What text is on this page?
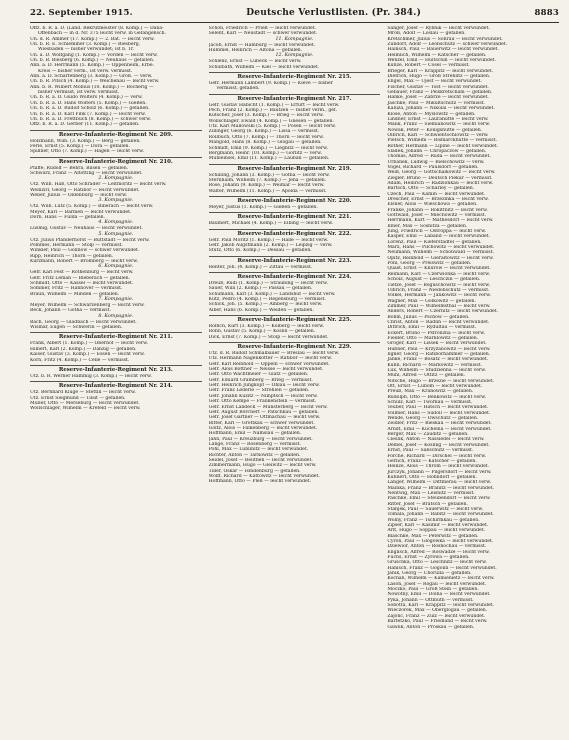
22. September 1915.	Deutsche Verlustlisten. (Pr. 384.)	8883
Offz. b. R. a. D. (Land. Rekrutmeister (8. Komp.) — Dana-
Offenbach — in d. Nr. 375 leicht verw. in Gefangensch.
Un. d. R. Ammer (17. Komp.) — 2. Bat. — leicht verw.
Un. b. R. E. Schlemmer (3. Komp.) — Biesberg,
Wiesbaden — bisher verwundet; ist b. Tr.
Un. a. D. Wolfgang (1. Komp.) — Vörden — leicht verw.
Un. b. B. Biesberg (6. Komp.) — Neuhaus — gefallen.
Ann. a. D. Herrmann (5. Komp.) — Oppenheim, Erbe.
Kreis — bisher verm., ist verw. vermisst.
Ann. a. D. Scharfenberg (3. Komp.) — Groß. — verw.
Un. b. R. Pitsch (4. Komp.) — Weichenau — leicht verw.
Ann. b. R. Wilbert Möbius (10. Komp.) — Böcherig —
bisher vermisst, ist verw. vermisst.
Un. b. R. a. D. Guido Wolters (4. Komp.) — verw.
Un. b. R. a. D. Hans Wolters (5. Komp.) — Gießen.
Un. b. R. a. D. Rudolf Scholz (6. Komp.) — gefallen.
Un. b. R. a. D. Karl Fink (7. Komp.) — leicht verw.
Un. b. R. a. D. Frettbuch (8. Komp.) — schwer verw.
Offz. b. R. a. D. Gerber (11. Komp.) — gefallen.
Reserve-Infanterie-Regiment Nr. 209.
Holzmann, Wilh. (3. Komp.) — Berg — gefallen.
Ferle, Ernst (5. Komp.) — Dora — gefallen.
Spillner, Otto (7. Komp.) — Hagen — leicht verw.
Reserve-Infanterie-Regiment Nr. 210.
Pfaffe, Rudolf — Bebra, Bilsen — gefallen.
Schwarz, Franz — Altötting — leicht verwundet.
2. Kompagnie.
Utz. Wilh. Haß, Otto Schrader — Leitmoritz — leicht verw.
Weinzirl, Georg — Ratibor — leicht verwundet.
Weber, Julius — Oldenburg — leicht verw.
3. Kompagnie.
Utz. Wilh. Lutz (5. Komp.) — Biberach — leicht verw.
Meyer, Karl — Barmen — leicht verwundet.
Dorn, Hans — Fulda — gefallen.
4. Kompagnie.
Lusmig, Gustav — Neuhaus — leicht verwundet.
5. Kompagnie.
Utz. Julius Pfänderhorst — Buttstadt — leicht verw.
Pommes, Hermann — Stolp — vermisst.
Winkler, Paul — Gollnow — schwer verwundet.
Ripp, Heinrich — Thorn — gefallen.
Kurzmann, Robert — Bromberg — leicht verw.
6. Kompagnie.
Gefr. Karl Fest — Rothenburg — leicht verw.
Gefr. Fritz Leman — Bieberach — gefallen.
Schmidt, Otto — Kassel — leicht verwundet.
Sommer, Fritz — Hannover — vermisst.
Braun, Wilhelm — Minden — gefallen.
7. Kompagnie.
Meyer, Wilhelm — Schwarzenberg — leicht verw.
Beck, Johann — Gotha — vermisst.
8. Kompagnie.
Bach, Georg — Gladbach — leicht verwundet.
Wismar, Eugen — Schwerin — gefallen.
Reserve-Infanterie-Regiment Nr. 211.
Frank, Albert (1. Komp.) — Oberhof — leicht verw.
Hilbert, Karl (2. Komp.) — Danzig — gefallen.
Kaiser, Gustav (3. Komp.) — Essen — leicht verw.
Korn, Fritz (4. Komp.) — Celle — vermisst.
Reserve-Infanterie-Regiment Nr. 213.
Utz. b. R. Werner Hammig (3. Komp.) — leicht verw.
Reserve-Infanterie-Regiment Nr. 214.
Utz. Bernhard Kluge — Stettin — leicht verw.
Utz. Ernst Siegmund — Tilsit — gefallen.
Müller, Otto — Merseburg — leicht verwundet.
Wollschläger, Wilhelm — Krefeld — leicht verw.
Schön, Friedrich — Prieß — leicht verwundet.
Selent, Karl — Neustadt — schwer verwundet.
11. Kompagnie.
Jacob, Ernst — Hamburg — leicht verwundet.
Hummel, Heinrich — Altona — gefallen.
12. Kompagnie.
Schlenz, Ernst — Lübeck — leicht verw.
Schulbath, Wilhelm — Kiel — leicht verwundet.
Reserve-Infanterie-Regiment Nr. 215.
Gefr. Hermann Lambert (9. Komp.) — Kleve — bisher
vermisst, gefallen.
Reserve-Infanterie-Regiment Nr. 217.
Gefr. Gustav Habicht (1. Komp.) — Erfurt — leicht verw.
Pech, Franz (2. Komp.) — Bautzen — bisher verm., gef.
Kutscher, Josef (3. Komp.) — Brieg — leicht verw.
Wollschläger, Ewald (4. Komp.) — Gnesen — gefallen.
Utz. Karl Mallowski (5. Komp.) — Posen — leicht verw.
Zillinger, Georg (6. Komp.) — Lissa — vermisst.
Rollbuch, Otto (7. Komp.) — Thorn — leicht verw.
Mangold, Hans (8. Komp.) — Glogau — gefallen.
Schmidt, Emil (9. Komp.) — Liegnitz — leicht verw.
Bergmann, Heinr. (10. Komp.) — Görlitz — verw.
Mühleinsel, Emil (11. Komp.) — Lauban — gefallen.
Reserve-Infanterie-Regiment Nr. 219.
Schilling, Johann (3. Komp.) — Gotha — leicht verw.
Sternhalm, Wilhelm (7. Komp.) — Jena — gefallen.
Rose, Johann (9. Komp.) — Weimar — leicht verw.
Walter, Wilhelm (11. Komp.) — Apolda — vermisst.
Reserve-Infanterie-Regiment Nr. 220.
Meyer, Justus (1. Komp.) — Gießen — gefallen.
Reserve-Infanterie-Regiment Nr. 221.
Baumert, Michael (4. Komp.) — Elbing — leicht verw.
Reserve-Infanterie-Regiment Nr. 222.
Gefr. Paul Moritz (1. Komp.) — Halle — leicht verw.
Gefr. Jakob Augstmann (2. Komp.) — Leipzig — verw.
Stütz, Otto (6. Komp.) — Dessau — gefallen.
Reserve-Infanterie-Regiment Nr. 223.
Renter, Joh. (4. Komp.) — Zittau — vermisst.
Reserve-Infanterie-Regiment Nr. 224.
Dreuß, Rudi (1. Komp.) — Straubing — leicht verw.
Sauer, Willi (2. Komp.) — Passau — gefallen.
Schumann, Karl (3. Komp.) — Landshut — leicht verw.
Kutz, Pedro (4. Komp.) — Regensburg — vermisst.
Schick, Joh. (5. Komp.) — Amberg — leicht verw.
Alber, Hans (6. Komp.) — Weiden — gefallen.
Reserve-Infanterie-Regiment Nr. 225.
Rolfich, Kurt (3. Komp.) — Kolberg — leicht verw.
Rohn, Gustav (5. Komp.) — Köslin — gefallen.
Dick, Ernst (7. Komp.) — Stolp — leicht verwundet.
Reserve-Infanterie-Regiment Nr. 229.
Utz. d. R. Rudolf Schmalbauer — Breslau — leicht verw.
Utz. Hermann Nagenkötter — Ratibor — leicht verw.
Gefr. Karl Reinhold — Oppeln — schwer verwundet.
Gefr. Alois Böttner — Neisse — leicht verwundet.
Gefr. Otto Wachtmeier — Glatz — gefallen.
Gefr. Eduard Gramberg — Brieg — vermisst.
Gefr. Heinrich Jungkopf — Ohlau — leicht verw.
Gefr. Franz Lederle — Strehlen — gefallen.
Gefr. Johann Kuzitz — Nimptsch — leicht verw.
Gefr. Otto Kempe — Frankenstein — vermisst.
Gefr. Ernst Landeck — Münsterberg — leicht verw.
Gefr. August Borchert — Patschkau — gefallen.
Gefr. Josef Gärtner — Ottmachau — leicht verw.
Bitter, Karl — Grottkau — schwer verwundet.
Goltz, Alois — Falkenberg — leicht verwundet.
Hoffmann, Emil — Namslau — gefallen.
Jahn, Paul — Kreuzburg — leicht verwundet.
Lange, Franz — Rosenberg — vermisst.
Pohl, Max — Lublinitz — leicht verwundet.
Richter, Anton — Tarnowitz — gefallen.
Seidel, Josef — Beuthen — leicht verwundet.
Zimmermann, Hugo — Gleiwitz — leicht verw.
Tiller, Oskar — Hindenburg — gefallen.
Wolff, Richard — Kattowitz — leicht verwundet.
Hoffmann, Otto — Pleß — leicht verwundet.
Sänger, Josef — Rybnik — leicht verwundet.
Mroß, Adolf — Loslau — gefallen.
Kretschmer, Julius — Sohrau — leicht verwundet.
Zündorf, Adolf — Leobschütz — schwer verwundet.
Hainsch, Paul — Bauerwitz — leicht verwundet.
Heimlich, Wilhelm — Katscher — gefallen.
Wenzel, Emil — Hultschin — leicht verwundet.
Kunze, Robert — Cosel — vermisst.
Brieger, Karl — Krappitz — leicht verwundet.
Dietrich, Hugo — Groß Strehlitz — gefallen.
Engel, Max — Ujest — leicht verwundet.
Fischer, Gustav — Tost — leicht verwundet.
Gebauer, Franz — Peiskretscham — gefallen.
Hanke, Josef — Zabrze — leicht verwundet.
Jäschke, Paul — Mikultschütz — vermisst.
Kaluza, Johann — Nikolai — leicht verwundet.
Klose, Anton — Myslowitz — gefallen.
Lindner, Ernst — Laurahütte — leicht verw.
Malik, Franz — Siemianowitz — leicht verw.
Nowak, Peter — Königshütte — gefallen.
Olbrich, Karl — Schwientochlowitz — verw.
Pietsch, Wilhelm — Bismarckhütte — vermisst.
Rother, Hermann — Lipine — leicht verwundet.
Sladek, Johann — Chropaczow — gefallen.
Thomas, Alfred — Ruda — leicht verwundet.
Urbanek, Ludwig — Bielschowitz — verw.
Vogel, Richard — Paulsdorf — gefallen.
Weiß, Georg — Gottschalkowitz — leicht verw.
Ziegler, Bruno — Deutsch Piekar — vermisst.
Adam, Heinrich — Radzionkau — leicht verw.
Bartsch, Otto — Scharley — gefallen.
Czech, Paul — Kamin — leicht verwundet.
Drescher, Ernst — Brzezinka — leicht verw.
Elsner, Alois — Wieschowa — gefallen.
Franke, Johann — Rokittnitz — leicht verw.
Gottwald, Josef — Miechowitz — vermisst.
Herrmann, Kurt — Mathesdorf — leicht verw.
Illner, Max — Sosnitza — gefallen.
Jung, Friedrich — Ostroppa — leicht verw.
Kasper, Emil — Laband — leicht verwundet.
Lorenz, Paul — Kieferstädtel — gefallen.
Marx, Hans — Pilchowitz — leicht verwundet.
Neumann, Wilhelm — Schönwald — vermisst.
Opitz, Reinhold — Gieraltowitz — leicht verw.
Pohl, Georg — Preiswitz — gefallen.
Quast, Ernst — Knurow — leicht verwundet.
Reimann, Karl — Czerwionka — leicht verw.
Scholz, August — Leschczin — gefallen.
Tietze, Josef — Boguschowitz — leicht verw.
Ulbrich, Franz — Niedobschütz — vermisst.
Völkel, Hermann — Jankowitz — leicht verw.
Wagner, Max — Golkowitz — gefallen.
Zimmer, Paul — Wilhelmsthal — leicht verw.
Anders, Robert — Czernitz — leicht verwundet.
Böhm, Julius — Pschow — gefallen.
Christ, Anton — Radlin — leicht verwundet.
Dittrich, Emil — Rydultau — vermisst.
Eckert, Bruno — Pstronzna — leicht verw.
Fiedler, Otto — Marklowitz — gefallen.
Gröger, Karl — Lissek — leicht verwundet.
Hübner, Paul — Krzyzanowitz — leicht verw.
Ilgner, Georg — Ratiborhammer — gefallen.
Janke, Franz — Bosatz — leicht verwundet.
Kühn, Richard — Markowitz — vermisst.
Lux, Wilhelm — Studzienna — leicht verw.
Mühl, Alfred — Ottitz — gefallen.
Nitsche, Hugo — Brzezie — leicht verwundet.
Ott, Ernst — Lubom — leicht verwundet.
Preuß, Max — Kranowitz — gefallen.
Rudolph, Otto — Benkowitz — leicht verw.
Schulz, Karl — Tworkau — vermisst.
Teuber, Paul — Hatsch — leicht verwundet.
Vollmer, Hans — Sudoll — leicht verwundet.
Wende, Georg — Owschütz — gefallen.
Zeidler, Fritz — Bieskau — leicht verwundet.
Arndt, Emil — Kuchelna — leicht verwundet.
Berger, Max — Zauditz — gefallen.
Cieslik, Anton — Nassiedel — leicht verw.
Demel, Josef — Kösling — leicht verwundet.
Ernst, Paul — Sabschütz — vermisst.
Forche, Richard — Dirschel — leicht verw.
Gerlich, Franz — Kätscher — gefallen.
Heinze, Alois — Thröm — leicht verwundet.
Jurczyk, Johann — Pilgersdorf — leicht verw.
Kuhnert, Otto — Hohndorf — gefallen.
Langer, Wilhelm — Dittmerau — leicht verw.
Mainka, Franz — Branitz — leicht verwundet.
Nentwig, Max — Leisnitz — vermisst.
Paschke, Emil — Steubendorf — leicht verw.
Ritter, Josef — Bratsch — gefallen.
Stanjek, Paul — Sauerwitz — leicht verw.
Tomala, Johann — Babitz — leicht verwundet.
Wolny, Franz — Tschirmkau — gefallen.
Zipser, Karl — Kasimir — leicht verwundet.
Arlt, Hugo — Soppau — leicht verwundet.
Blaschke, Max — Peterwitz — gefallen.
Cyron, Paul — Glogowka — leicht verwundet.
Dziewior, Anton — Rosnochau — vermisst.
Englisch, Alfred — Roswadze — leicht verw.
Fuchs, Ernst — Zyrowa — gefallen.
Gruschka, Otto — Leschnitz — leicht verw.
Hanisch, Franz — Gogolin — leicht verwundet.
Janik, Georg — Chorulla — gefallen.
Kochan, Wilhelm — Kamienietz — leicht verw.
Lasoń, Josef — Rogau — leicht verwundet.
Moczko, Paul — Groß Stein — gefallen.
Nowotny, Emil — Dolna — leicht verwundet.
Pyka, Johann — Ottmuth — vermisst.
Sobotta, Karl — Krappitz — leicht verwundet.
Wieczorek, Max — Oberglogau — gefallen.
Zajonc, Franz — Zülz — leicht verwundet.
Bartetzko, Paul — Friedland — leicht verw.
Gawlik, Anton — Proskau — gefallen.
